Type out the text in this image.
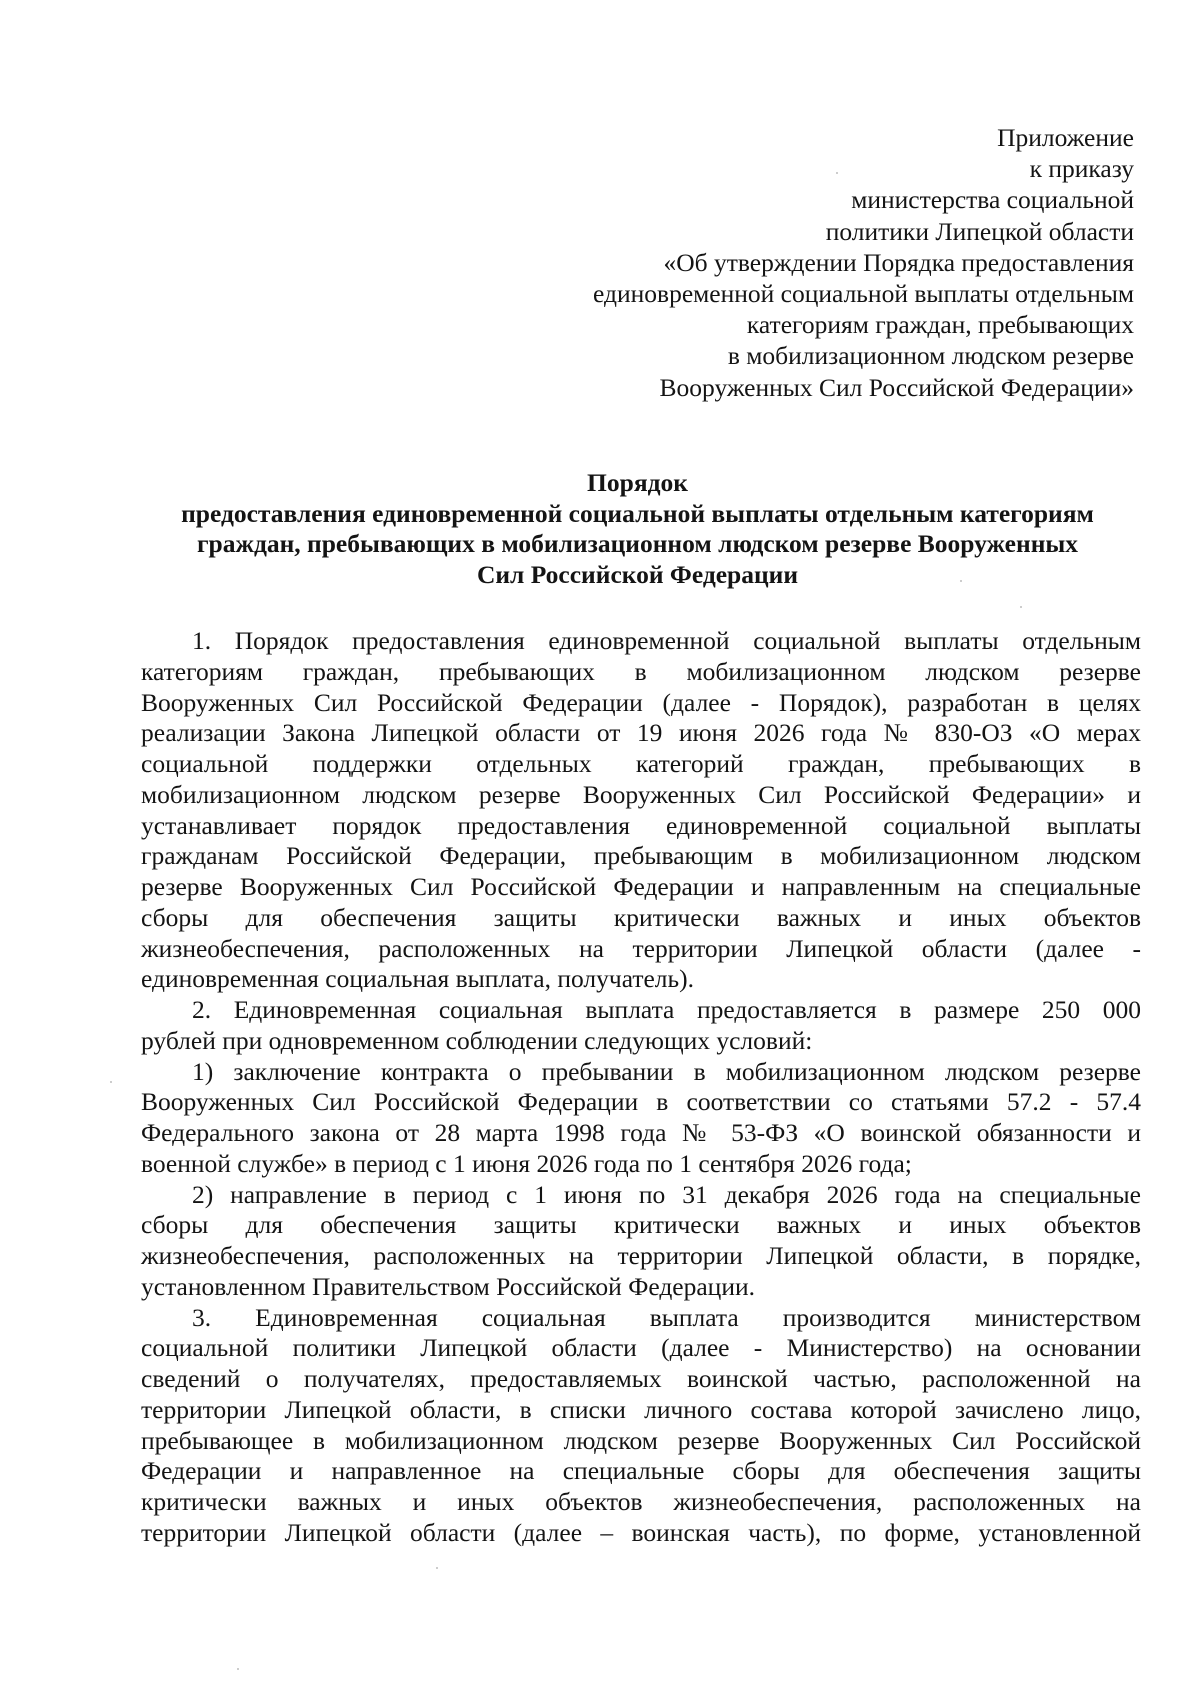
Приложение
к приказу
министерства социальной
политики Липецкой области
«Об утверждении Порядка предоставления
единовременной социальной выплаты отдельным
категориям граждан, пребывающих
в мобилизационном людском резерве
Вооруженных Сил Российской Федерации»
Порядок
предоставления единовременной социальной выплаты отдельным категориям
граждан, пребывающих в мобилизационном людском резерве Вооруженных
Сил Российской Федерации
1. Порядок предоставления единовременной социальной выплаты отдельным
категориям граждан, пребывающих в мобилизационном людском резерве
Вооруженных Сил Российской Федерации (далее - Порядок), разработан в целях
реализации Закона Липецкой области от 19 июня 2026 года № 830-ОЗ «О мерах
социальной поддержки отдельных категорий граждан, пребывающих в
мобилизационном людском резерве Вооруженных Сил Российской Федерации» и
устанавливает порядок предоставления единовременной социальной выплаты
гражданам Российской Федерации, пребывающим в мобилизационном людском
резерве Вооруженных Сил Российской Федерации и направленным на специальные
сборы для обеспечения защиты критически важных и иных объектов
жизнеобеспечения, расположенных на территории Липецкой области (далее -
единовременная социальная выплата, получатель).
2. Единовременная социальная выплата предоставляется в размере 250 000
рублей при одновременном соблюдении следующих условий:
1) заключение контракта о пребывании в мобилизационном людском резерве
Вооруженных Сил Российской Федерации в соответствии со статьями 57.2 - 57.4
Федерального закона от 28 марта 1998 года № 53-ФЗ «О воинской обязанности и
военной службе» в период с 1 июня 2026 года по 1 сентября 2026 года;
2) направление в период с 1 июня по 31 декабря 2026 года на специальные
сборы для обеспечения защиты критически важных и иных объектов
жизнеобеспечения, расположенных на территории Липецкой области, в порядке,
установленном Правительством Российской Федерации.
3. Единовременная социальная выплата производится министерством
социальной политики Липецкой области (далее - Министерство) на основании
сведений о получателях, предоставляемых воинской частью, расположенной на
территории Липецкой области, в списки личного состава которой зачислено лицо,
пребывающее в мобилизационном людском резерве Вооруженных Сил Российской
Федерации и направленное на специальные сборы для обеспечения защиты
критически важных и иных объектов жизнеобеспечения, расположенных на
территории Липецкой области (далее – воинская часть), по форме, установленной
